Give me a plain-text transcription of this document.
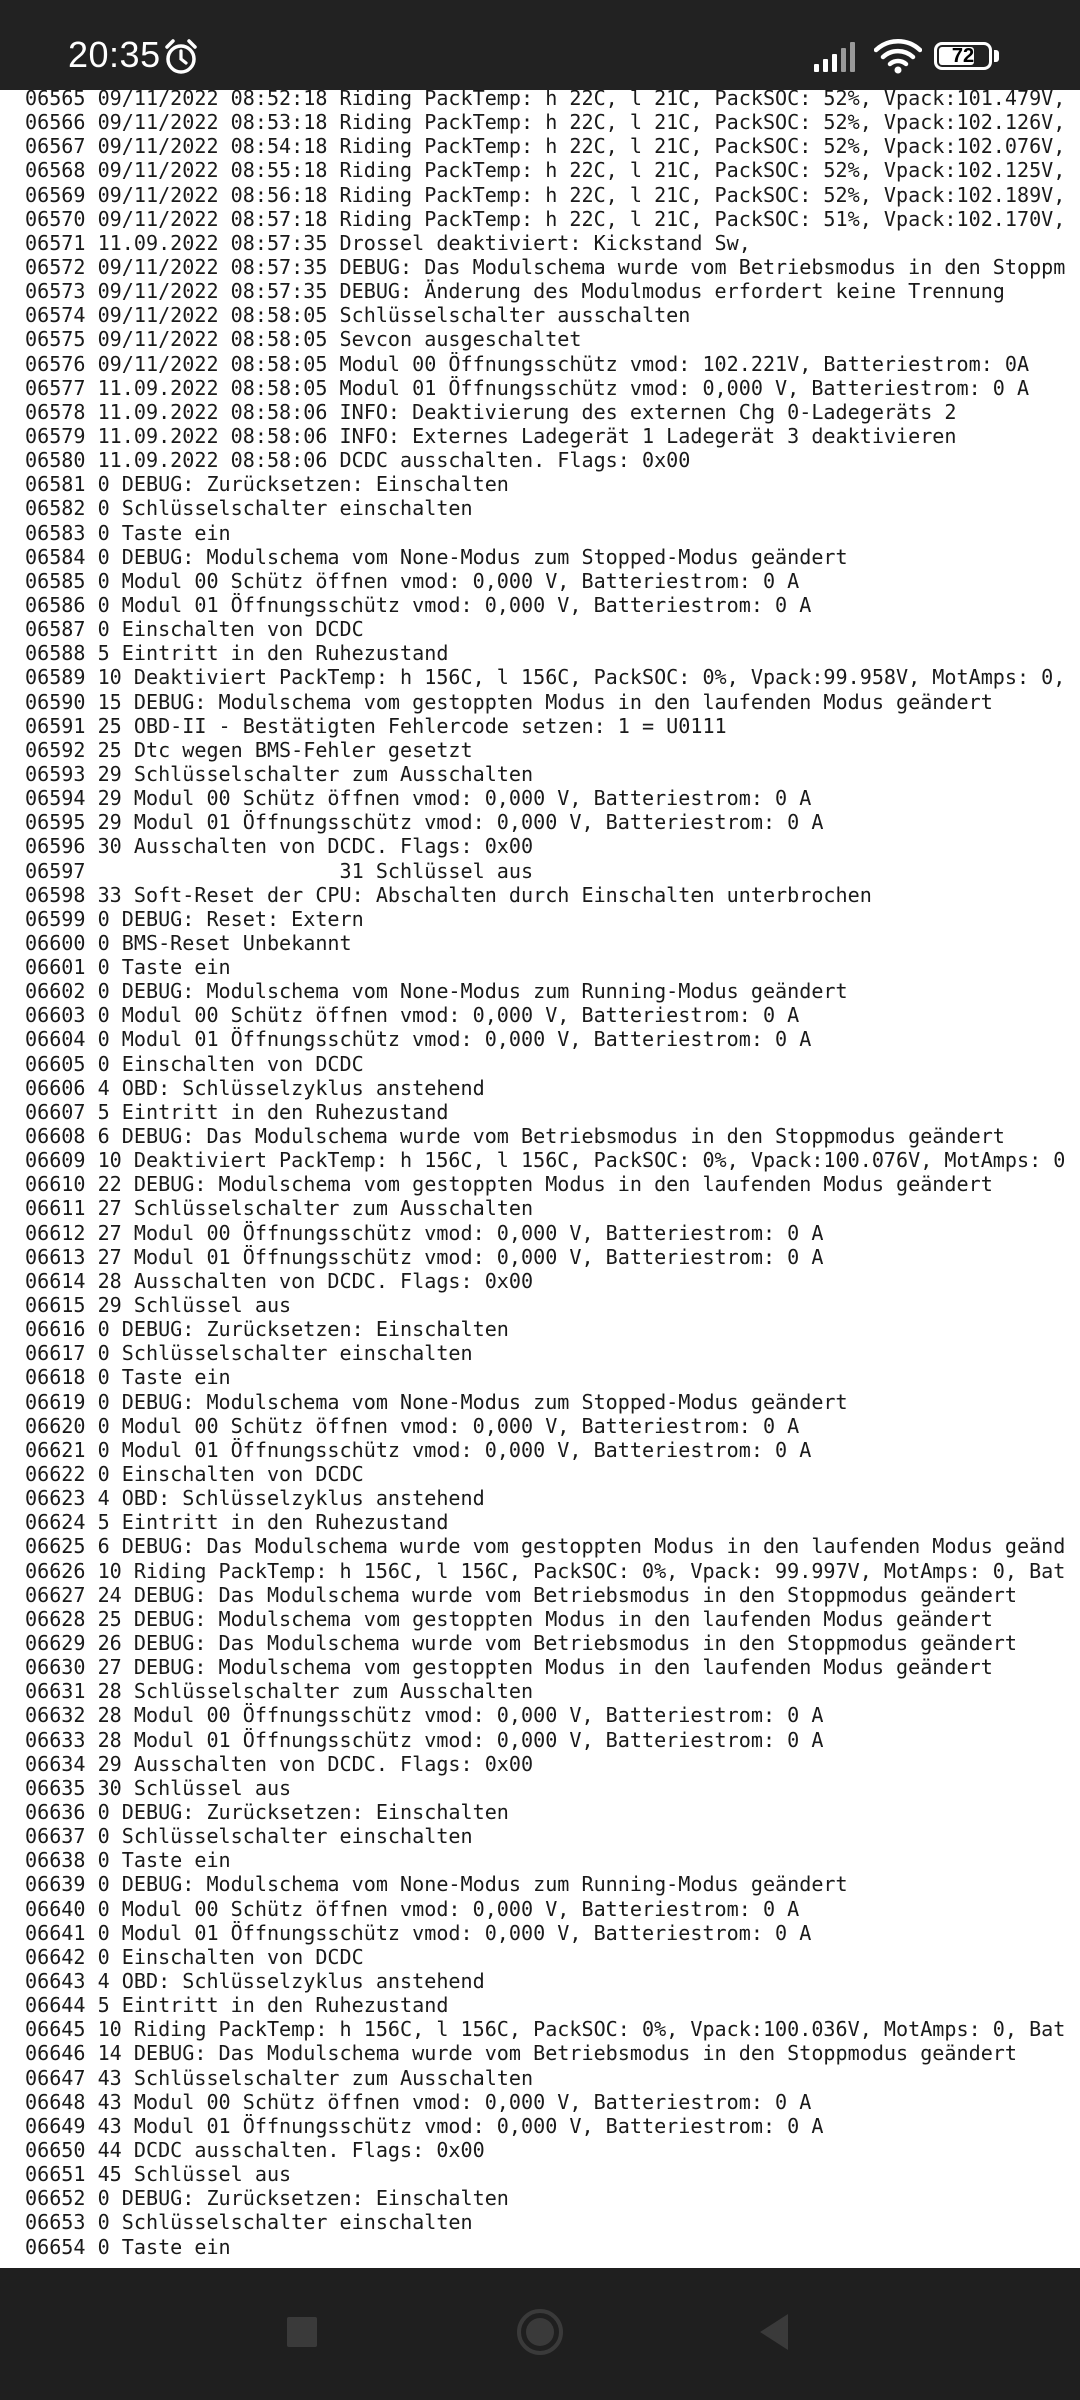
20:35	72
06565 09/11/2022 08:52:18 Riding PackTemp: h 22C, l 21C, PackSOC: 52%, Vpack:101.479V,
06566 09/11/2022 08:53:18 Riding PackTemp: h 22C, l 21C, PackSOC: 52%, Vpack:102.126V,
06567 09/11/2022 08:54:18 Riding PackTemp: h 22C, l 21C, PackSOC: 52%, Vpack:102.076V,
06568 09/11/2022 08:55:18 Riding PackTemp: h 22C, l 21C, PackSOC: 52%, Vpack:102.125V,
06569 09/11/2022 08:56:18 Riding PackTemp: h 22C, l 21C, PackSOC: 52%, Vpack:102.189V,
06570 09/11/2022 08:57:18 Riding PackTemp: h 22C, l 21C, PackSOC: 51%, Vpack:102.170V,
06571 11.09.2022 08:57:35 Drossel deaktiviert: Kickstand Sw,
06572 09/11/2022 08:57:35 DEBUG: Das Modulschema wurde vom Betriebsmodus in den Stoppm
06573 09/11/2022 08:57:35 DEBUG: Änderung des Modulmodus erfordert keine Trennung
06574 09/11/2022 08:58:05 Schlüsselschalter ausschalten
06575 09/11/2022 08:58:05 Sevcon ausgeschaltet
06576 09/11/2022 08:58:05 Modul 00 Öffnungsschütz vmod: 102.221V, Batteriestrom: 0A
06577 11.09.2022 08:58:05 Modul 01 Öffnungsschütz vmod: 0,000 V, Batteriestrom: 0 A
06578 11.09.2022 08:58:06 INFO: Deaktivierung des externen Chg 0-Ladegeräts 2
06579 11.09.2022 08:58:06 INFO: Externes Ladegerät 1 Ladegerät 3 deaktivieren
06580 11.09.2022 08:58:06 DCDC ausschalten. Flags: 0x00
06581 0 DEBUG: Zurücksetzen: Einschalten
06582 0 Schlüsselschalter einschalten
06583 0 Taste ein
06584 0 DEBUG: Modulschema vom None-Modus zum Stopped-Modus geändert
06585 0 Modul 00 Schütz öffnen vmod: 0,000 V, Batteriestrom: 0 A
06586 0 Modul 01 Öffnungsschütz vmod: 0,000 V, Batteriestrom: 0 A
06587 0 Einschalten von DCDC
06588 5 Eintritt in den Ruhezustand
06589 10 Deaktiviert PackTemp: h 156C, l 156C, PackSOC: 0%, Vpack:99.958V, MotAmps: 0,
06590 15 DEBUG: Modulschema vom gestoppten Modus in den laufenden Modus geändert
06591 25 OBD-II - Bestätigten Fehlercode setzen: 1 = U0111
06592 25 Dtc wegen BMS-Fehler gesetzt
06593 29 Schlüsselschalter zum Ausschalten
06594 29 Modul 00 Schütz öffnen vmod: 0,000 V, Batteriestrom: 0 A
06595 29 Modul 01 Öffnungsschütz vmod: 0,000 V, Batteriestrom: 0 A
06596 30 Ausschalten von DCDC. Flags: 0x00
06597                     31 Schlüssel aus
06598 33 Soft-Reset der CPU: Abschalten durch Einschalten unterbrochen
06599 0 DEBUG: Reset: Extern
06600 0 BMS-Reset Unbekannt
06601 0 Taste ein
06602 0 DEBUG: Modulschema vom None-Modus zum Running-Modus geändert
06603 0 Modul 00 Schütz öffnen vmod: 0,000 V, Batteriestrom: 0 A
06604 0 Modul 01 Öffnungsschütz vmod: 0,000 V, Batteriestrom: 0 A
06605 0 Einschalten von DCDC
06606 4 OBD: Schlüsselzyklus anstehend
06607 5 Eintritt in den Ruhezustand
06608 6 DEBUG: Das Modulschema wurde vom Betriebsmodus in den Stoppmodus geändert
06609 10 Deaktiviert PackTemp: h 156C, l 156C, PackSOC: 0%, Vpack:100.076V, MotAmps: 0
06610 22 DEBUG: Modulschema vom gestoppten Modus in den laufenden Modus geändert
06611 27 Schlüsselschalter zum Ausschalten
06612 27 Modul 00 Öffnungsschütz vmod: 0,000 V, Batteriestrom: 0 A
06613 27 Modul 01 Öffnungsschütz vmod: 0,000 V, Batteriestrom: 0 A
06614 28 Ausschalten von DCDC. Flags: 0x00
06615 29 Schlüssel aus
06616 0 DEBUG: Zurücksetzen: Einschalten
06617 0 Schlüsselschalter einschalten
06618 0 Taste ein
06619 0 DEBUG: Modulschema vom None-Modus zum Stopped-Modus geändert
06620 0 Modul 00 Schütz öffnen vmod: 0,000 V, Batteriestrom: 0 A
06621 0 Modul 01 Öffnungsschütz vmod: 0,000 V, Batteriestrom: 0 A
06622 0 Einschalten von DCDC
06623 4 OBD: Schlüsselzyklus anstehend
06624 5 Eintritt in den Ruhezustand
06625 6 DEBUG: Das Modulschema wurde vom gestoppten Modus in den laufenden Modus geänd
06626 10 Riding PackTemp: h 156C, l 156C, PackSOC: 0%, Vpack: 99.997V, MotAmps: 0, Bat
06627 24 DEBUG: Das Modulschema wurde vom Betriebsmodus in den Stoppmodus geändert
06628 25 DEBUG: Modulschema vom gestoppten Modus in den laufenden Modus geändert
06629 26 DEBUG: Das Modulschema wurde vom Betriebsmodus in den Stoppmodus geändert
06630 27 DEBUG: Modulschema vom gestoppten Modus in den laufenden Modus geändert
06631 28 Schlüsselschalter zum Ausschalten
06632 28 Modul 00 Öffnungsschütz vmod: 0,000 V, Batteriestrom: 0 A
06633 28 Modul 01 Öffnungsschütz vmod: 0,000 V, Batteriestrom: 0 A
06634 29 Ausschalten von DCDC. Flags: 0x00
06635 30 Schlüssel aus
06636 0 DEBUG: Zurücksetzen: Einschalten
06637 0 Schlüsselschalter einschalten
06638 0 Taste ein
06639 0 DEBUG: Modulschema vom None-Modus zum Running-Modus geändert
06640 0 Modul 00 Schütz öffnen vmod: 0,000 V, Batteriestrom: 0 A
06641 0 Modul 01 Öffnungsschütz vmod: 0,000 V, Batteriestrom: 0 A
06642 0 Einschalten von DCDC
06643 4 OBD: Schlüsselzyklus anstehend
06644 5 Eintritt in den Ruhezustand
06645 10 Riding PackTemp: h 156C, l 156C, PackSOC: 0%, Vpack:100.036V, MotAmps: 0, Bat
06646 14 DEBUG: Das Modulschema wurde vom Betriebsmodus in den Stoppmodus geändert
06647 43 Schlüsselschalter zum Ausschalten
06648 43 Modul 00 Schütz öffnen vmod: 0,000 V, Batteriestrom: 0 A
06649 43 Modul 01 Öffnungsschütz vmod: 0,000 V, Batteriestrom: 0 A
06650 44 DCDC ausschalten. Flags: 0x00
06651 45 Schlüssel aus
06652 0 DEBUG: Zurücksetzen: Einschalten
06653 0 Schlüsselschalter einschalten
06654 0 Taste ein
